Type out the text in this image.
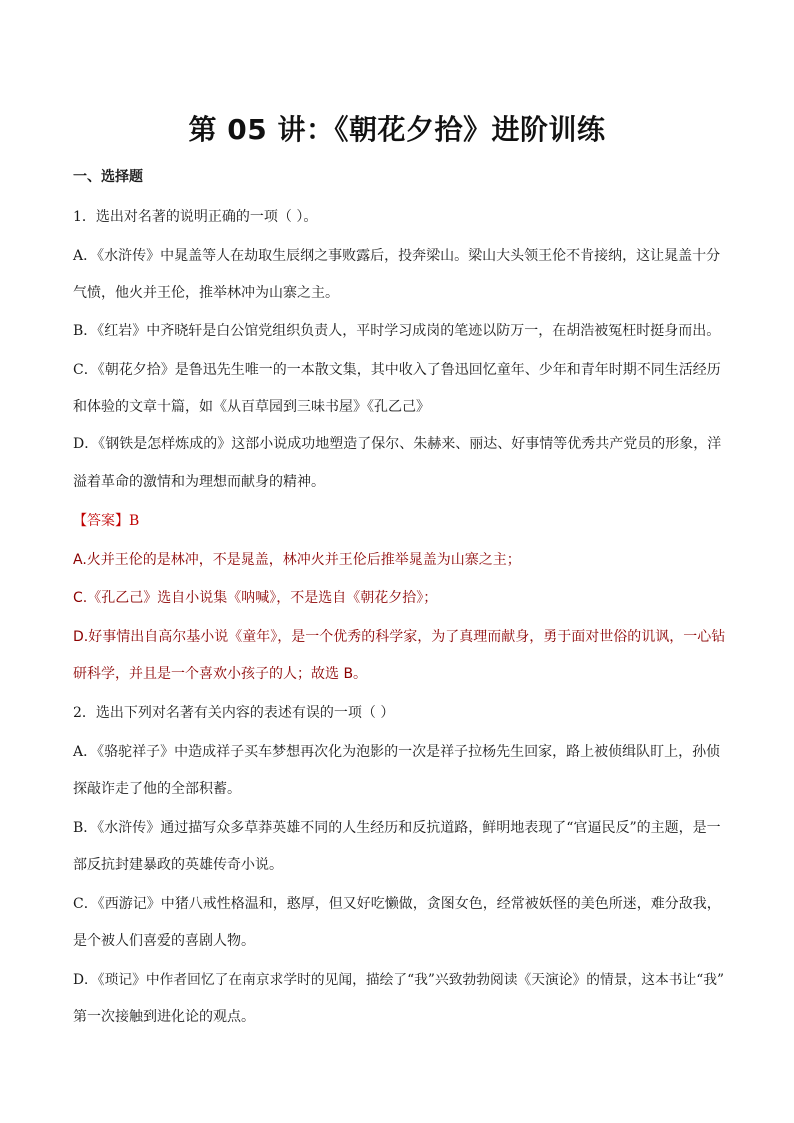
第 05 讲：《朝花夕拾》进阶训练
一、选择题
1．选出对名著的说明正确的一项（ ）。
A．《水浒传》中晁盖等人在劫取生辰纲之事败露后，投奔梁山。梁山大头领王伦不肯接纳，这让晁盖十分
气愤，他火并王伦，推举林冲为山寨之主。
B．《红岩》中齐晓轩是白公馆党组织负责人，平时学习成岗的笔迹以防万一，在胡浩被冤枉时挺身而出。
C．《朝花夕拾》是鲁迅先生唯一的一本散文集，其中收入了鲁迅回忆童年、少年和青年时期不同生活经历
和体验的文章十篇，如《从百草园到三味书屋》《孔乙己》
D．《钢铁是怎样炼成的》这部小说成功地塑造了保尔、朱赫来、丽达、好事情等优秀共产党员的形象，洋
溢着革命的激情和为理想而献身的精神。
【答案】B
A.火并王伦的是林冲，不是晁盖，林冲火并王伦后推举晁盖为山寨之主；
C.《孔乙己》选自小说集《呐喊》，不是选自《朝花夕拾》；
D.好事情出自高尔基小说《童年》，是一个优秀的科学家，为了真理而献身，勇于面对世俗的讥讽，一心钻
研科学，并且是一个喜欢小孩子的人；故选 B。
2．选出下列对名著有关内容的表述有误的一项（ ）
A．《骆驼祥子》中造成祥子买车梦想再次化为泡影的一次是祥子拉杨先生回家，路上被侦缉队盯上，孙侦
探敲诈走了他的全部积蓄。
B．《水浒传》通过描写众多草莽英雄不同的人生经历和反抗道路，鲜明地表现了“官逼民反”的主题，是一
部反抗封建暴政的英雄传奇小说。
C．《西游记》中猪八戒性格温和，憨厚，但又好吃懒做，贪图女色，经常被妖怪的美色所迷，难分敌我，
是个被人们喜爱的喜剧人物。
D．《琐记》中作者回忆了在南京求学时的见闻，描绘了“我”兴致勃勃阅读《天演论》的情景，这本书让“我”
第一次接触到进化论的观点。
